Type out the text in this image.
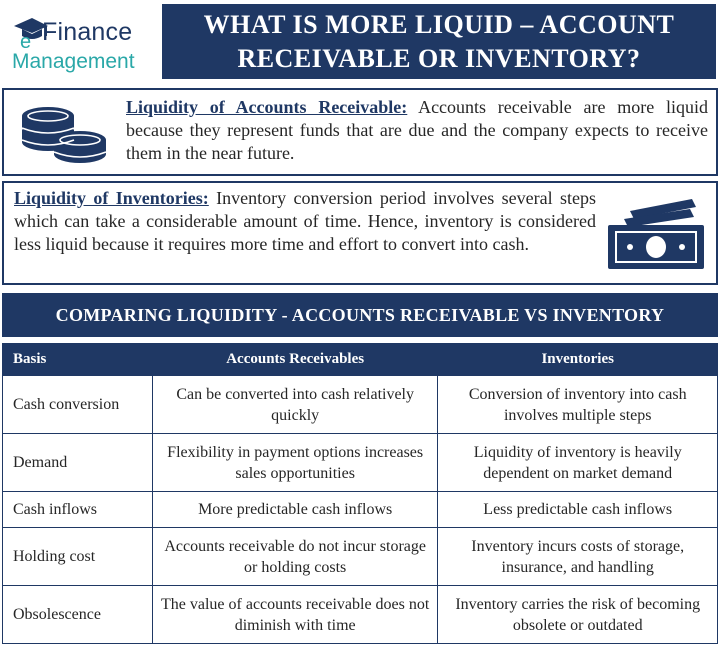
e Finance
Management
WHAT IS MORE LIQUID – ACCOUNT RECEIVABLE OR INVENTORY?
Liquidity of Accounts Receivable: Accounts receivable are more liquid because they represent funds that are due and the company expects to receive them in the near future.
Liquidity of Inventories: Inventory conversion period involves several steps which can take a considerable amount of time. Hence, inventory is considered less liquid because it requires more time and effort to convert into cash.
COMPARING LIQUIDITY - ACCOUNTS RECEIVABLE VS INVENTORY
Basis	Accounts Receivables	Inventories
Cash conversion	Can be converted into cash relatively quickly	Conversion of inventory into cash involves multiple steps
Demand	Flexibility in payment options increases sales opportunities	Liquidity of inventory is heavily dependent on market demand
Cash inflows	More predictable cash inflows	Less predictable cash inflows
Holding cost	Accounts receivable do not incur storage or holding costs	Inventory incurs costs of storage, insurance, and handling
Obsolescence	The value of accounts receivable does not diminish with time	Inventory carries the risk of becoming obsolete or outdated
